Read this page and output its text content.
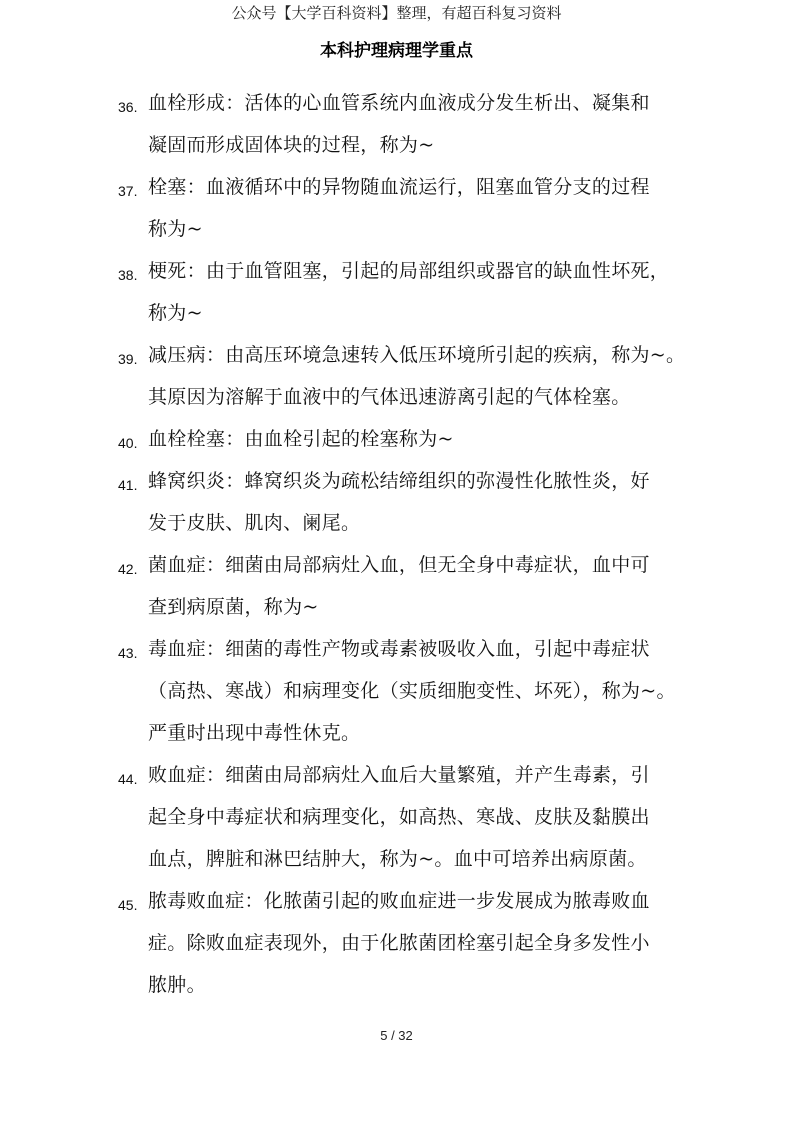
公众号【大学百科资料】整理，有超百科复习资料
本科护理病理学重点
36. 血栓形成：活体的心血管系统内血液成分发生析出、凝集和
凝固而形成固体块的过程，称为~
37. 栓塞：血液循环中的异物随血流运行，阻塞血管分支的过程
称为~
38. 梗死：由于血管阻塞，引起的局部组织或器官的缺血性坏死，
称为~
39. 减压病：由高压环境急速转入低压环境所引起的疾病，称为~。
其原因为溶解于血液中的气体迅速游离引起的气体栓塞。
40. 血栓栓塞：由血栓引起的栓塞称为~
41. 蜂窝织炎：蜂窝织炎为疏松结缔组织的弥漫性化脓性炎，好
发于皮肤、肌肉、阑尾。
42. 菌血症：细菌由局部病灶入血，但无全身中毒症状，血中可
查到病原菌，称为~
43. 毒血症：细菌的毒性产物或毒素被吸收入血，引起中毒症状
（高热、寒战）和病理变化（实质细胞变性、坏死），称为~。
严重时出现中毒性休克。
44. 败血症：细菌由局部病灶入血后大量繁殖，并产生毒素，引
起全身中毒症状和病理变化，如高热、寒战、皮肤及黏膜出
血点，脾脏和淋巴结肿大，称为~。血中可培养出病原菌。
45. 脓毒败血症：化脓菌引起的败血症进一步发展成为脓毒败血
症。除败血症表现外，由于化脓菌团栓塞引起全身多发性小
脓肿。
5 / 32
